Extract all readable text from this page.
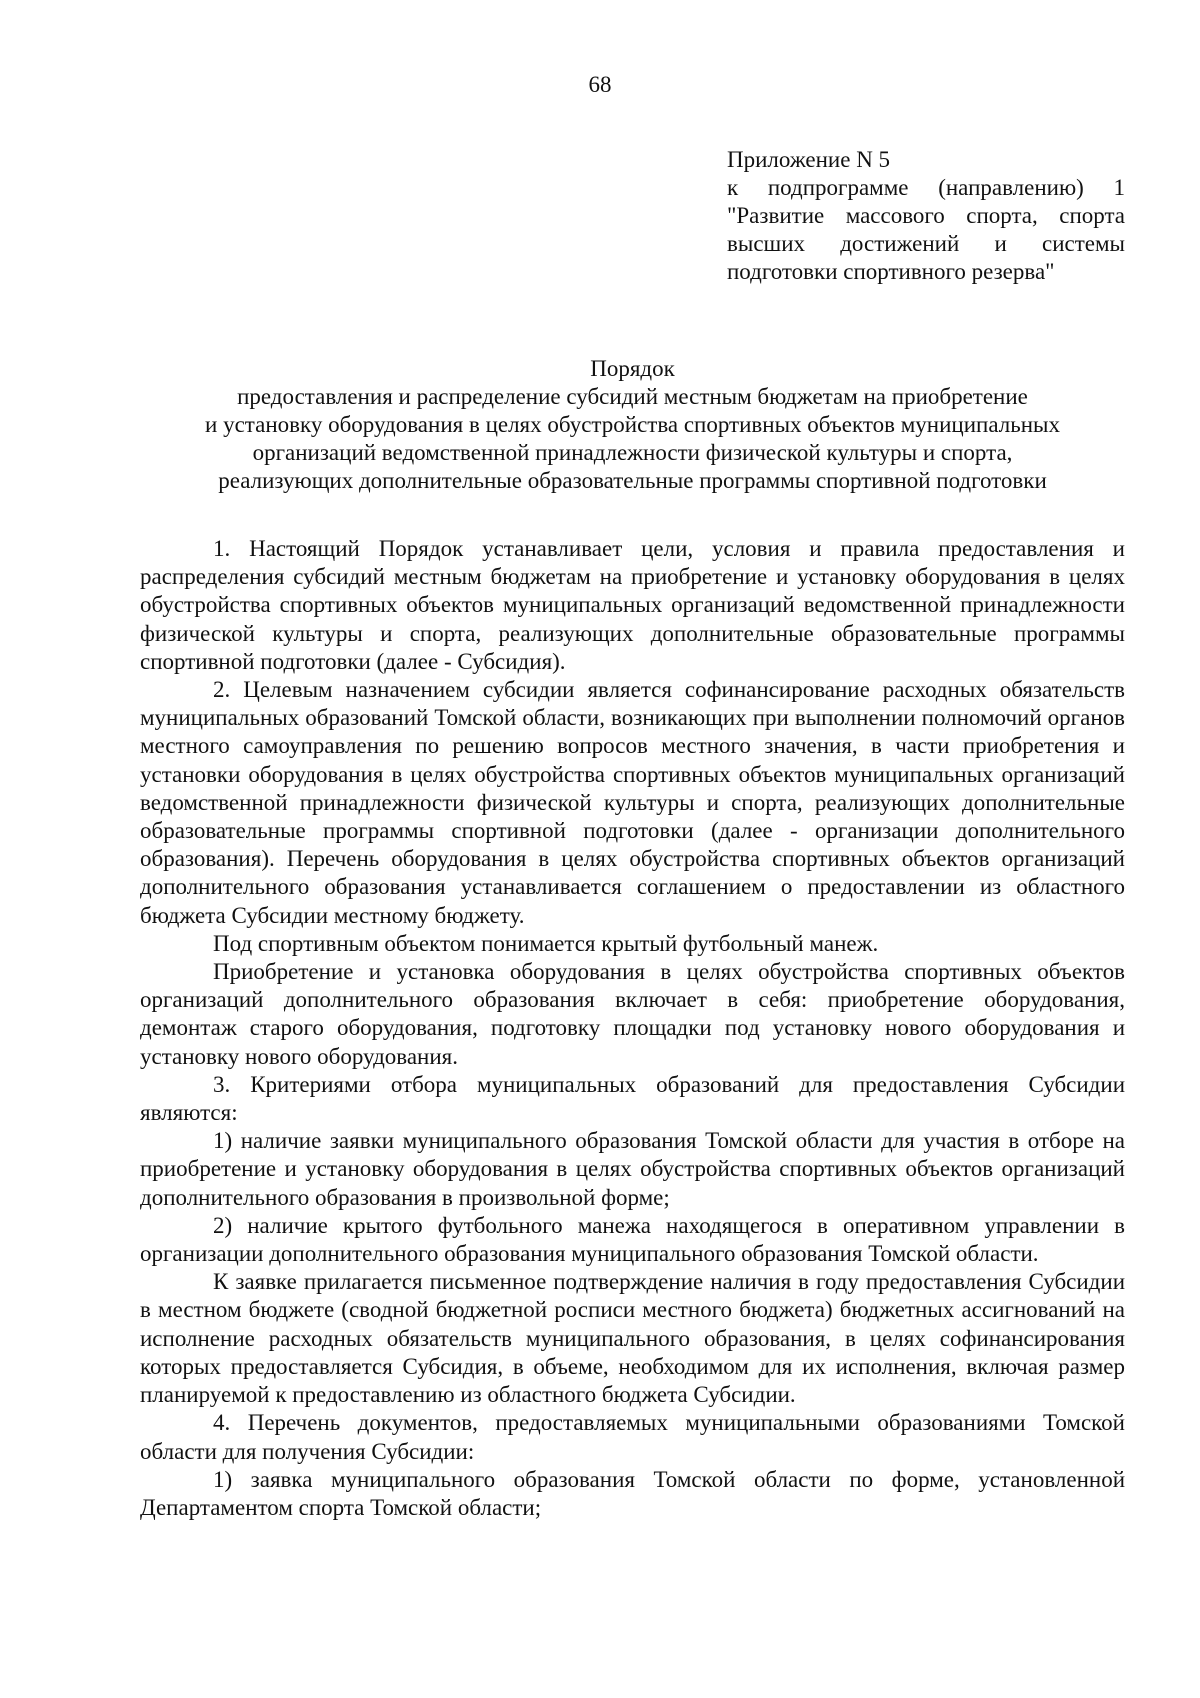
68
Приложение N 5
к подпрограмме (направлению) 1 "Развитие массового спорта, спорта высших достижений и системы подготовки спортивного резерва"
Порядок
предоставления и распределение субсидий местным бюджетам на приобретение
и установку оборудования в целях обустройства спортивных объектов муниципальных
организаций ведомственной принадлежности физической культуры и спорта,
реализующих дополнительные образовательные программы спортивной подготовки

1. Настоящий Порядок устанавливает цели, условия и правила предоставления и распределения субсидий местным бюджетам на приобретение и установку оборудования в целях обустройства спортивных объектов муниципальных организаций ведомственной принадлежности физической культуры и спорта, реализующих дополнительные образовательные программы спортивной подготовки (далее - Субсидия).

2. Целевым назначением субсидии является софинансирование расходных обязательств муниципальных образований Томской области, возникающих при выполнении полномочий органов местного самоуправления по решению вопросов местного значения, в части приобретения и установки оборудования в целях обустройства спортивных объектов муниципальных организаций ведомственной принадлежности физической культуры и спорта, реализующих дополнительные образовательные программы спортивной подготовки (далее - организации дополнительного образования). Перечень оборудования в целях обустройства спортивных объектов организаций дополнительного образования устанавливается соглашением о предоставлении из областного бюджета Субсидии местному бюджету.

Под спортивным объектом понимается крытый футбольный манеж.

Приобретение и установка оборудования в целях обустройства спортивных объектов организаций дополнительного образования включает в себя: приобретение оборудования, демонтаж старого оборудования, подготовку площадки под установку нового оборудования и установку нового оборудования.

3. Критериями отбора муниципальных образований для предоставления Субсидии являются:

1) наличие заявки муниципального образования Томской области для участия в отборе на приобретение и установку оборудования в целях обустройства спортивных объектов организаций дополнительного образования в произвольной форме;

2) наличие крытого футбольного манежа находящегося в оперативном управлении в организации дополнительного образования муниципального образования Томской области.

К заявке прилагается письменное подтверждение наличия в году предоставления Субсидии в местном бюджете (сводной бюджетной росписи местного бюджета) бюджетных ассигнований на исполнение расходных обязательств муниципального образования, в целях софинансирования которых предоставляется Субсидия, в объеме, необходимом для их исполнения, включая размер планируемой к предоставлению из областного бюджета Субсидии.

4. Перечень документов, предоставляемых муниципальными образованиями Томской области для получения Субсидии:

1) заявка муниципального образования Томской области по форме, установленной Департаментом спорта Томской области;
